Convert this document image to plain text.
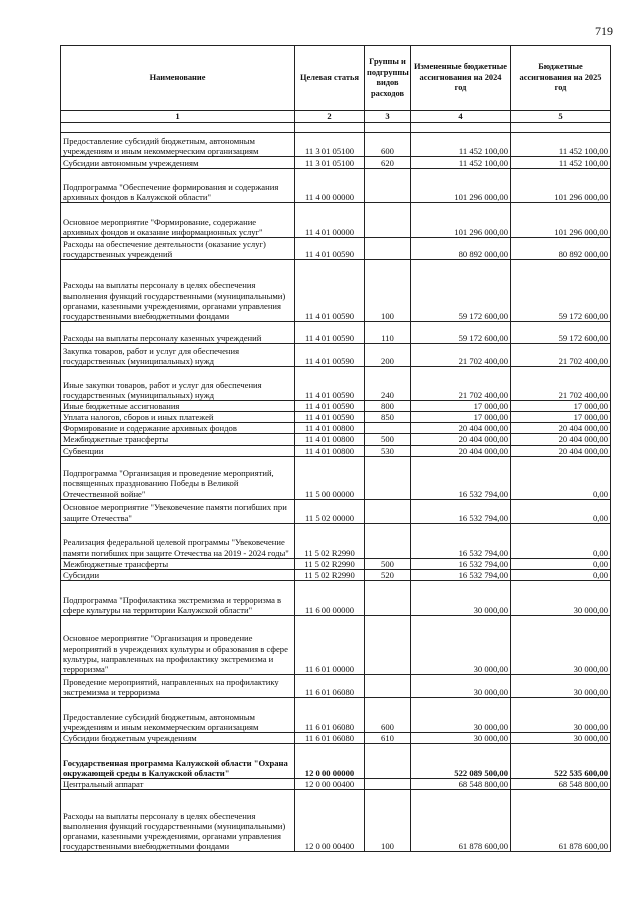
719
Наименование	Целевая статья	Группы и подгруппы видов расходов	Измененные бюджетные ассигнования на 2024 год	Бюджетные ассигнования на 2025 год
1	2	3	4	5

Предоставление субсидий бюджетным, автономным учреждениям и иным некоммерческим организациям	11 3 01 05100	600	11 452 100,00	11 452 100,00
Субсидии автономным учреждениям	11 3 01 05100	620	11 452 100,00	11 452 100,00
Подпрограмма "Обеспечение формирования и содержания архивных фондов в Калужской области"	11 4 00 00000		101 296 000,00	101 296 000,00
Основное мероприятие "Формирование, содержание архивных фондов и оказание информационных услуг"	11 4 01 00000		101 296 000,00	101 296 000,00
Расходы на обеспечение деятельности (оказание услуг) государственных учреждений	11 4 01 00590		80 892 000,00	80 892 000,00
Расходы на выплаты персоналу в целях обеспечения выполнения функций государственными (муниципальными) органами, казенными учреждениями, органами управления государственными внебюджетными фондами	11 4 01 00590	100	59 172 600,00	59 172 600,00
Расходы на выплаты персоналу казенных учреждений	11 4 01 00590	110	59 172 600,00	59 172 600,00
Закупка товаров, работ и услуг для обеспечения государственных (муниципальных) нужд	11 4 01 00590	200	21 702 400,00	21 702 400,00
Иные закупки товаров, работ и услуг для обеспечения государственных (муниципальных) нужд	11 4 01 00590	240	21 702 400,00	21 702 400,00
Иные бюджетные ассигнования	11 4 01 00590	800	17 000,00	17 000,00
Уплата налогов, сборов и иных платежей	11 4 01 00590	850	17 000,00	17 000,00
Формирование и содержание архивных фондов	11 4 01 00800		20 404 000,00	20 404 000,00
Межбюджетные трансферты	11 4 01 00800	500	20 404 000,00	20 404 000,00
Субвенции	11 4 01 00800	530	20 404 000,00	20 404 000,00
Подпрограмма "Организация и проведение мероприятий, посвященных празднованию Победы в Великой Отечественной войне"	11 5 00 00000		16 532 794,00	0,00
Основное мероприятие "Увековечение памяти погибших при защите Отечества"	11 5 02 00000		16 532 794,00	0,00
Реализация федеральной целевой программы "Увековечение памяти погибших при защите Отечества на 2019 - 2024 годы"	11 5 02 R2990		16 532 794,00	0,00
Межбюджетные трансферты	11 5 02 R2990	500	16 532 794,00	0,00
Субсидии	11 5 02 R2990	520	16 532 794,00	0,00
Подпрограмма "Профилактика экстремизма и терроризма в сфере культуры на территории Калужской области"	11 6 00 00000		30 000,00	30 000,00
Основное мероприятие "Организация и проведение мероприятий в учреждениях культуры и образования в сфере культуры, направленных на профилактику экстремизма и терроризма"	11 6 01 00000		30 000,00	30 000,00
Проведение мероприятий, направленных на профилактику экстремизма и терроризма	11 6 01 06080		30 000,00	30 000,00
Предоставление субсидий бюджетным, автономным учреждениям и иным некоммерческим организациям	11 6 01 06080	600	30 000,00	30 000,00
Субсидии бюджетным учреждениям	11 6 01 06080	610	30 000,00	30 000,00
Государственная программа Калужской области "Охрана окружающей среды в Калужской области"	12 0 00 00000		522 089 500,00	522 535 600,00
Центральный аппарат	12 0 00 00400		68 548 800,00	68 548 800,00
Расходы на выплаты персоналу в целях обеспечения выполнения функций государственными (муниципальными) органами, казенными учреждениями, органами управления государственными внебюджетными фондами	12 0 00 00400	100	61 878 600,00	61 878 600,00
